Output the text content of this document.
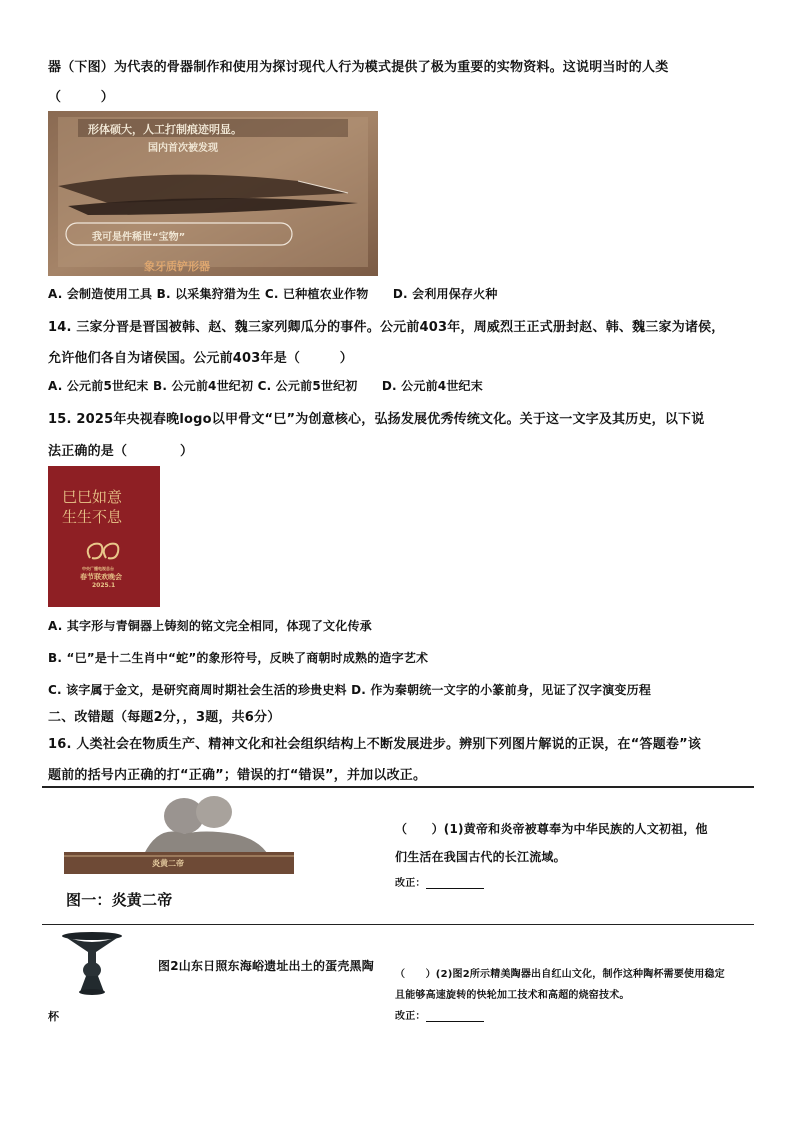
器（下图）为代表的骨器制作和使用为探讨现代人行为模式提供了极为重要的实物资料。这说明当时的人类
（　　　）
形体硕大，人工打制痕迹明显。
国内首次被发现
我可是件稀世“宝物”
象牙质铲形器
A. 会制造使用工具 B. 以采集狩猎为生 C. 已种植农业作物　　D. 会利用保存火种
14. 三家分晋是晋国被韩、赵、魏三家列卿瓜分的事件。公元前403年，周威烈王正式册封赵、韩、魏三家为诸侯，
允许他们各自为诸侯国。公元前403年是（　　　）
A. 公元前5世纪末 B. 公元前4世纪初 C. 公元前5世纪初　　D. 公元前4世纪末
15. 2025年央视春晚logo以甲骨文“巳”为创意核心，弘扬发展优秀传统文化。关于这一文字及其历史，以下说
法正确的是（　　　　）
巳巳如意
生生不息
中央广播电视总台
春节联欢晚会
2025.1
A. 其字形与青铜器上铸刻的铭文完全相同，体现了文化传承
B. “巳”是十二生肖中“蛇”的象形符号，反映了商朝时成熟的造字艺术
C. 该字属于金文，是研究商周时期社会生活的珍贵史料 D. 作为秦朝统一文字的小篆前身，见证了汉字演变历程
二、改错题（每题2分，，3题，共6分）
16. 人类社会在物质生产、精神文化和社会组织结构上不断发展进步。辨别下列图片解说的正误，在“答题卷”该
题前的括号内正确的打“正确”；错误的打“错误”，并加以改正。
炎黄二帝
图一：炎黄二帝
（　　）(1)黄帝和炎帝被尊奉为中华民族的人文初祖，他
们生活在我国古代的长江流域。
改正：
图2山东日照东海峪遗址出土的蛋壳黑陶
杯
（　　）(2)图2所示精美陶器出自红山文化，制作这种陶杯需要使用稳定
且能够高速旋转的快轮加工技术和高超的烧窑技术。
改正：
